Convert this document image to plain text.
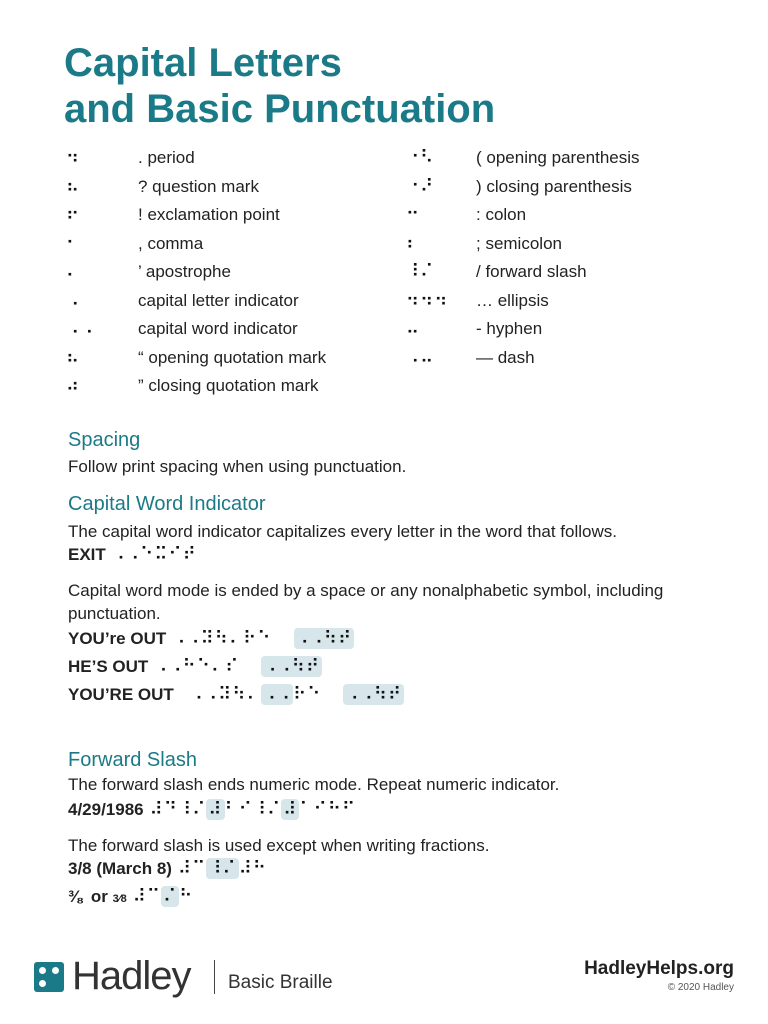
Capital Letters
and Basic Punctuation
⠲	. period
⠦	? question mark
⠖	! exclamation point
⠂	, comma
⠄	’ apostrophe
⠠	capital letter indicator
⠠⠠	capital word indicator
⠦	“ opening quotation mark
⠴	” closing quotation mark
⠐⠣ ( opening parenthesis
⠐⠜ ) closing parenthesis
⠒	: colon
⠆	; semicolon
⠸⠌ / forward slash
⠲⠲⠲ … ellipsis
⠤	- hyphen
⠠⠤ — dash
Spacing

Follow print spacing when using punctuation.

Capital Word Indicator

The capital word indicator capitalizes every letter in the word that follows.

EXIT ⠠⠠⠑⠭⠊⠞

Capital word mode is ended by a space or any nonalphabetic symbol, including punctuation.

YOU’re OUT ⠠⠠⠽⠳⠄⠗⠑ ⠠⠠⠳⠞
HE’S OUT ⠠⠠⠓⠑⠄⠎ ⠠⠠⠳⠞
YOU’RE OUT ⠠⠠⠽⠳⠄ ⠠⠠ ⠗⠑ ⠠⠠⠳⠞
Forward Slash

The forward slash ends numeric mode. Repeat numeric indicator.

4/29/1986 ⠼⠙⠸⠌ ⠼ ⠃⠊⠸⠌ ⠼ ⠁⠊⠓⠋

The forward slash is used except when writing fractions.

3/8 (March 8) ⠼⠉ ⠸⠌ ⠼⠓
⅜ or 3⁄8 ⠼⠉ ⠌ ⠓
Hadley Basic Braille
HadleyHelps.org
© 2020 Hadley
